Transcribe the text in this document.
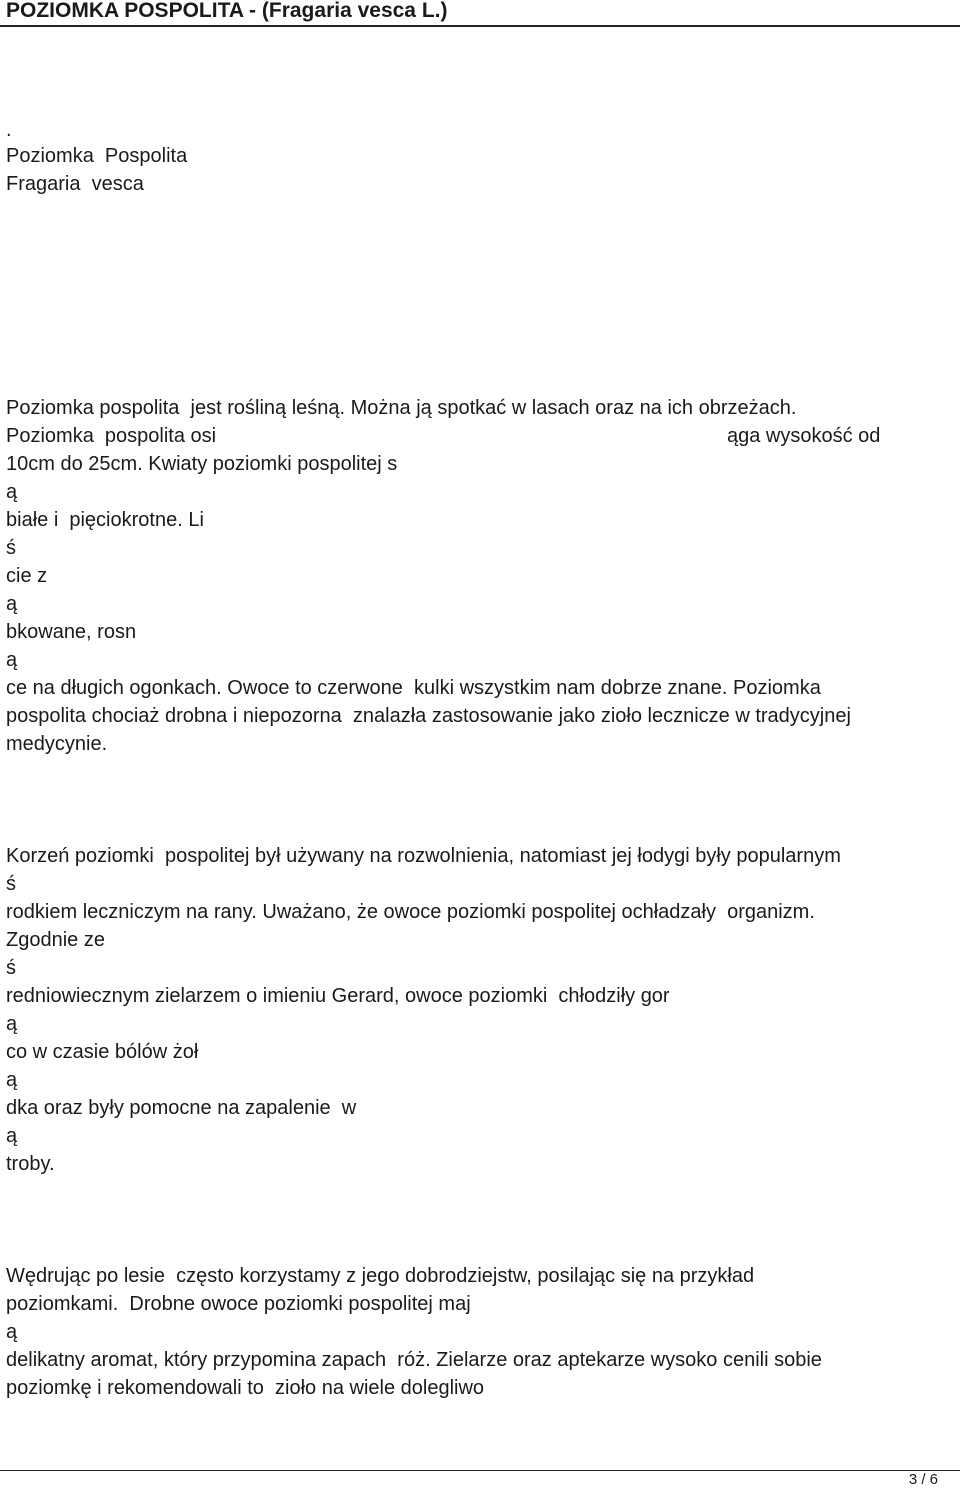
POZIOMKA POSPOLITA - (Fragaria vesca L.)
.
Poziomka  Pospolita
Fragaria  vesca
Poziomka pospolita  jest rośliną leśną. Można ją spotkać w lasach oraz na ich obrzeżach.
Poziomka  pospolita osi	ąga wysokość od
10cm do 25cm. Kwiaty poziomki pospolitej s
ą
białe i  pięciokrotne. Li
ś
cie z
ą
bkowane, rosn
ą
ce na długich ogonkach. Owoce to czerwone  kulki wszystkim nam dobrze znane. Poziomka
pospolita chociaż drobna i niepozorna  znalazła zastosowanie jako zioło lecznicze w tradycyjnej
medycynie.
Korzeń poziomki  pospolitej był używany na rozwolnienia, natomiast jej łodygi były popularnym
ś
rodkiem leczniczym na rany. Uważano, że owoce poziomki pospolitej ochładzały  organizm.
Zgodnie ze
ś
redniowiecznym zielarzem o imieniu Gerard, owoce poziomki  chłodziły gor
ą
co w czasie bólów żoł
ą
dka oraz były pomocne na zapalenie  w
ą
troby.
Wędrując po lesie  często korzystamy z jego dobrodziejstw, posilając się na przykład
poziomkami.  Drobne owoce poziomki pospolitej maj
ą
delikatny aromat, który przypomina zapach  róż. Zielarze oraz aptekarze wysoko cenili sobie
poziomkę i rekomendowali to  zioło na wiele dolegliwo
3 / 6
